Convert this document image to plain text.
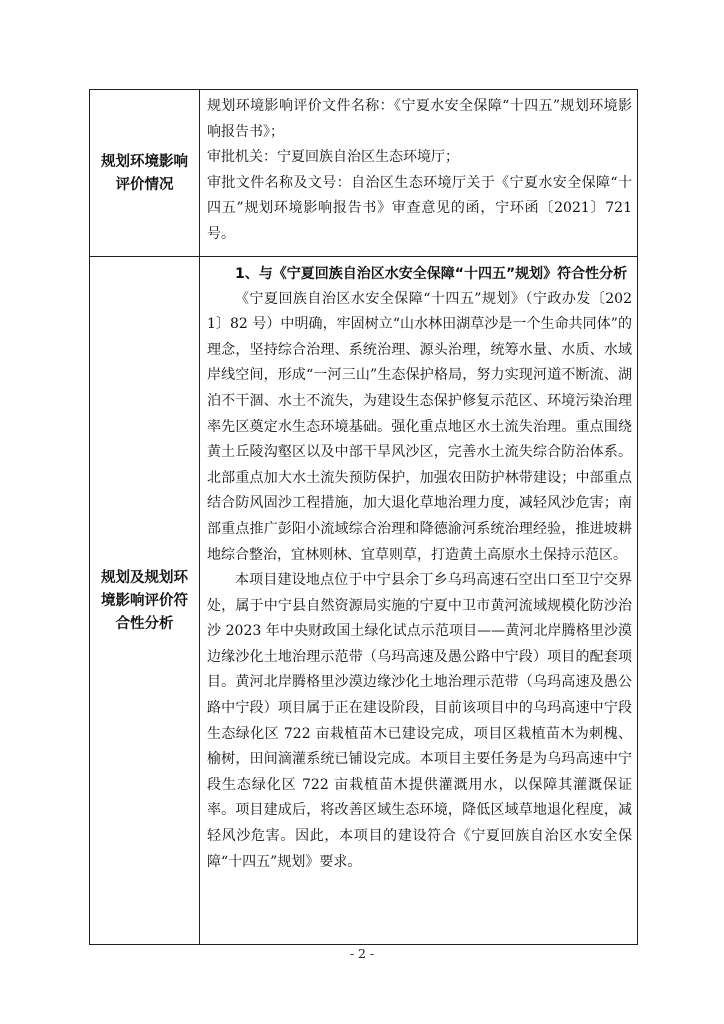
规划环境影响评价情况	规划环境影响评价文件名称：《宁夏水安全保障“十四五”规划环境影响报告书》；

审批机关：宁夏回族自治区生态环境厅；

审批文件名称及文号：自治区生态环境厅关于《宁夏水安全保障“十四五”规划环境影响报告书》审查意见的函，宁环函〔2021〕721 号。

规划及规划环境影响评价符合性分析	1、与《宁夏回族自治区水安全保障“十四五”规划》符合性分析

《宁夏回族自治区水安全保障“十四五”规划》（宁政办发〔2021〕82 号）中明确，牢固树立“山水林田湖草沙是一个生命共同体”的理念，坚持综合治理、系统治理、源头治理，统筹水量、水质、水域岸线空间，形成“一河三山”生态保护格局，努力实现河道不断流、湖泊不干涸、水土不流失，为建设生态保护修复示范区、环境污染治理率先区奠定水生态环境基础。强化重点地区水土流失治理。重点围绕黄土丘陵沟壑区以及中部干旱风沙区，完善水土流失综合防治体系。北部重点加大水土流失预防保护，加强农田防护林带建设；中部重点结合防风固沙工程措施，加大退化草地治理力度，减轻风沙危害；南部重点推广彭阳小流域综合治理和降德渝河系统治理经验，推进坡耕地综合整治，宜林则林、宜草则草，打造黄土高原水土保持示范区。

本项目建设地点位于中宁县余丁乡乌玛高速石空出口至卫宁交界处，属于中宁县自然资源局实施的宁夏中卫市黄河流域规模化防沙治沙 2023 年中央财政国土绿化试点示范项目——黄河北岸腾格里沙漠边缘沙化土地治理示范带（乌玛高速及愚公路中宁段）项目的配套项目。黄河北岸腾格里沙漠边缘沙化土地治理示范带（乌玛高速及愚公路中宁段）项目属于正在建设阶段，目前该项目中的乌玛高速中宁段生态绿化区 722 亩栽植苗木已建设完成，项目区栽植苗木为刺槐、榆树，田间滴灌系统已铺设完成。本项目主要任务是为乌玛高速中宁段生态绿化区 722 亩栽植苗木提供灌溉用水，以保障其灌溉保证率。项目建成后，将改善区域生态环境，降低区域草地退化程度，减轻风沙危害。因此，本项目的建设符合《宁夏回族自治区水安全保障“十四五”规划》要求。

- 2 -
